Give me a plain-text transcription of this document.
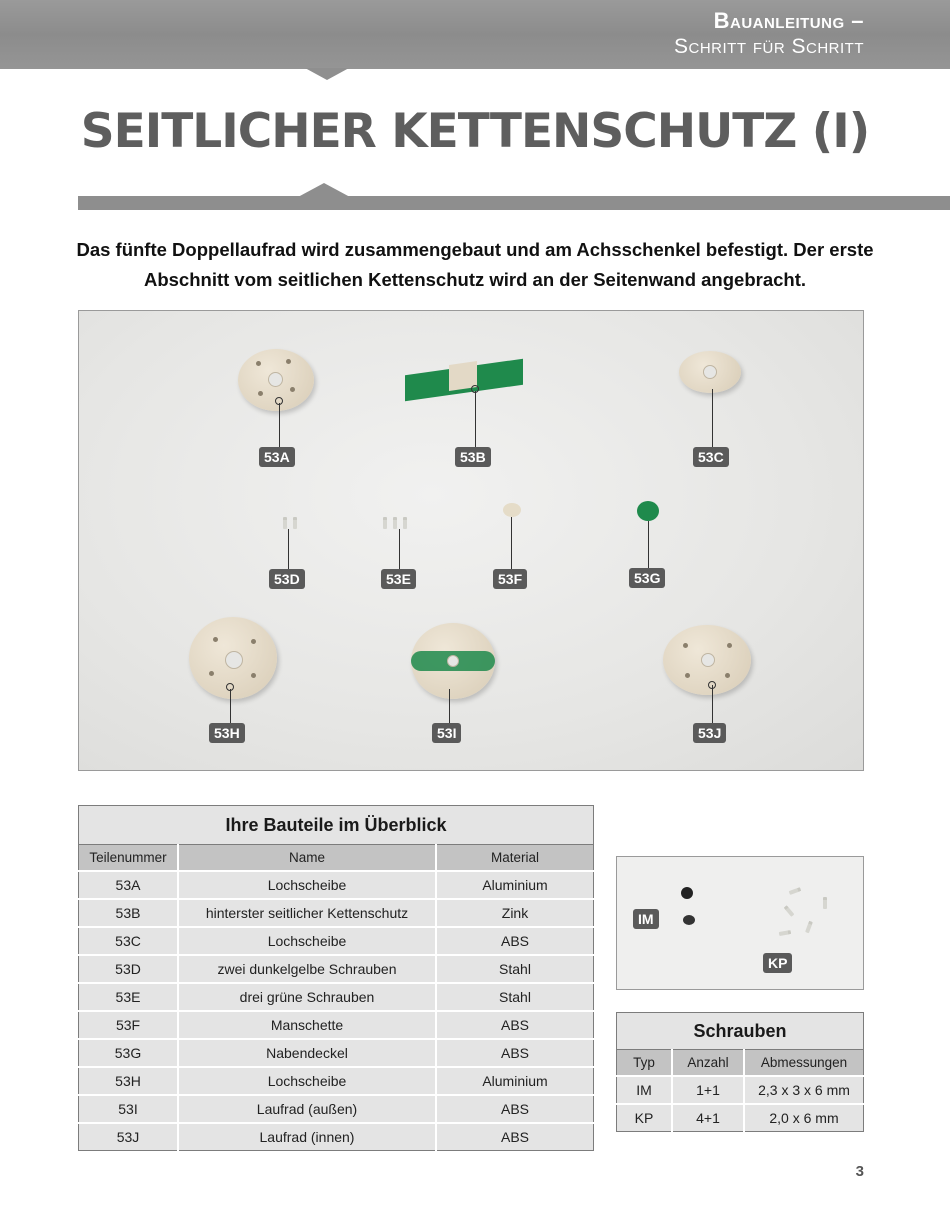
Bauanleitung –
Schritt für Schritt
SEITLICHER KETTENSCHUTZ (I)
Das fünfte Doppellaufrad wird zusammengebaut und am Achsschenkel befestigt. Der erste Abschnitt vom seitlichen Kettenschutz wird an der Seitenwand angebracht.
53A	53B	53C
53D	53E	53F	53G
53H	53I	53J
Ihre Bauteile im Überblick		
Teilenummer	Name	Material
53A	Lochscheibe	Aluminium
53B	hinterster seitlicher Kettenschutz	Zink
53C	Lochscheibe	ABS
53D	zwei dunkelgelbe Schrauben	Stahl
53E	drei grüne Schrauben	Stahl
53F	Manschette	ABS
53G	Nabendeckel	ABS
53H	Lochscheibe	Aluminium
53I	Laufrad (außen)	ABS
53J	Laufrad (innen)	ABS
IM
KP
Schrauben		
Typ	Anzahl	Abmessungen
IM	1+1	2,3 x 3 x 6 mm
KP	4+1	2,0 x 6 mm
3
